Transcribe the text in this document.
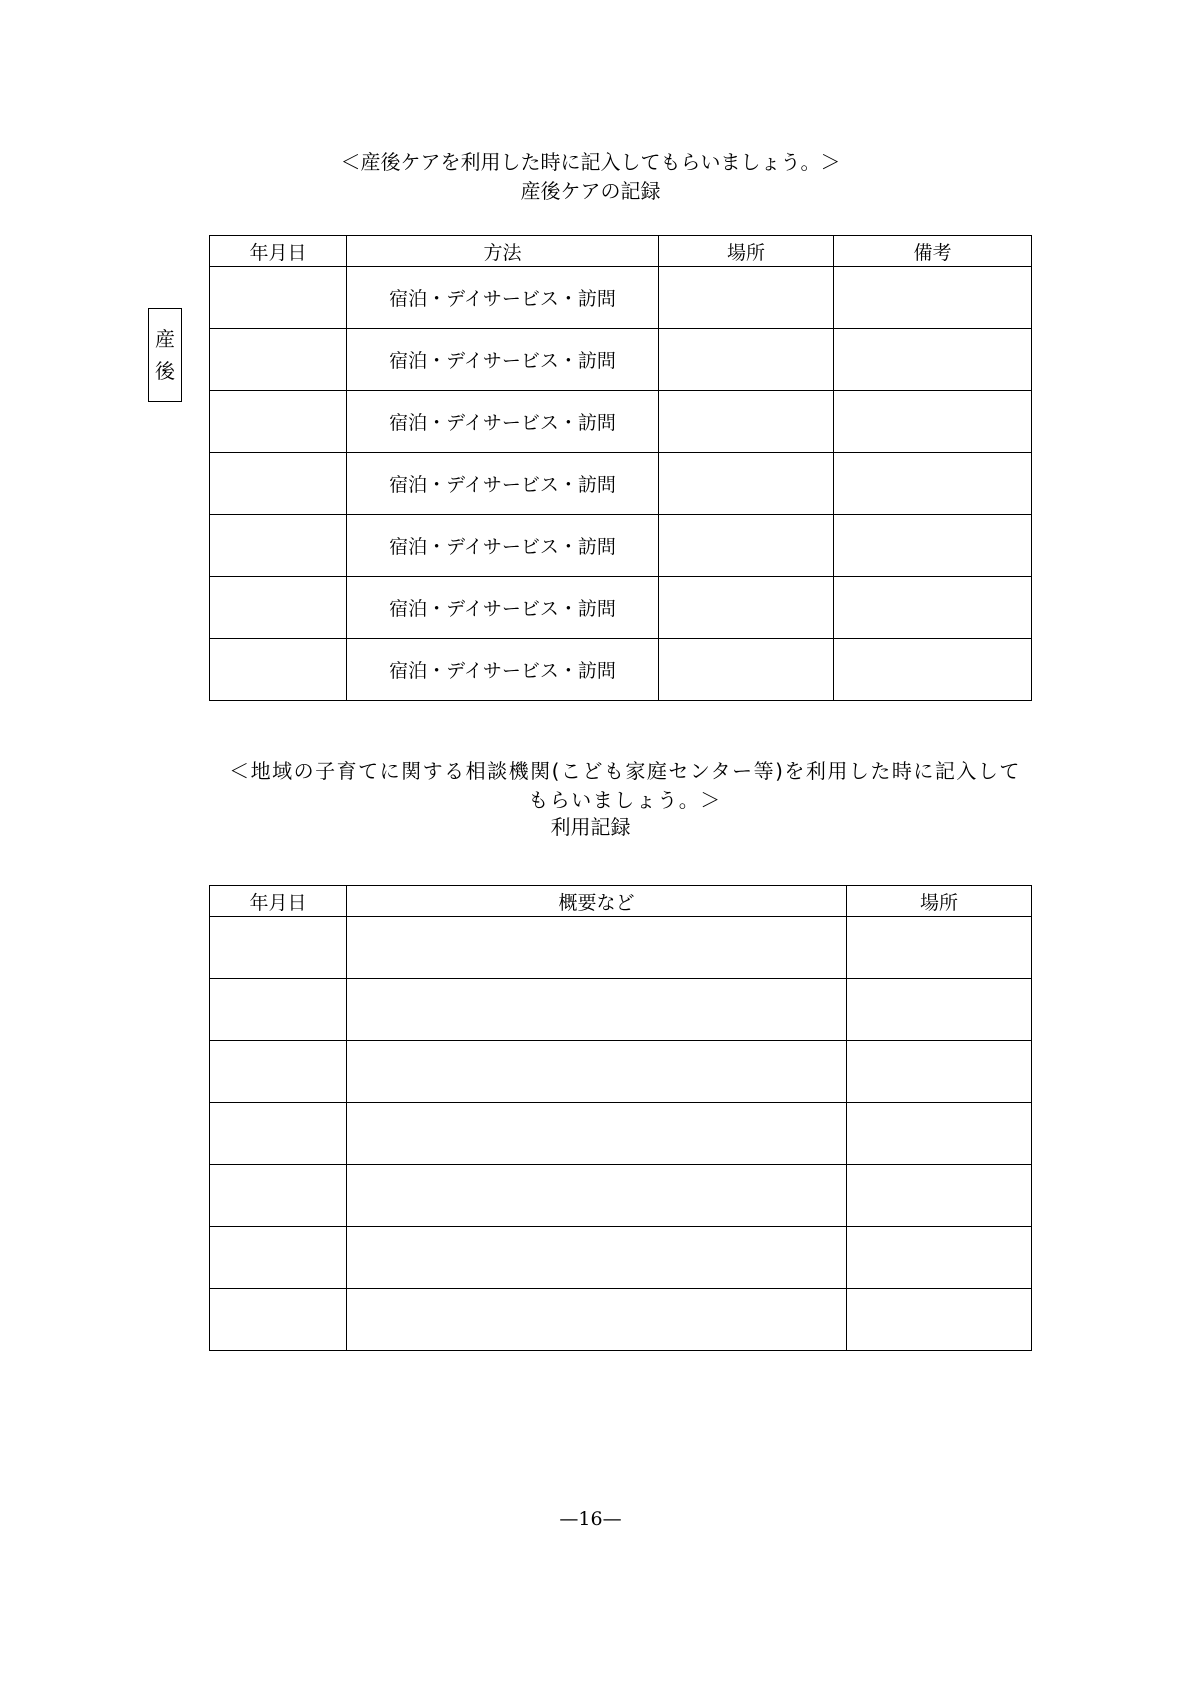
＜産後ケアを利用した時に記入してもらいましょう。＞
産後ケアの記録
産
後
年月日	方法	場所	備考
	宿泊・デイサービス・訪問		
	宿泊・デイサービス・訪問		
	宿泊・デイサービス・訪問		
	宿泊・デイサービス・訪問		
	宿泊・デイサービス・訪問		
	宿泊・デイサービス・訪問		
	宿泊・デイサービス・訪問		
＜地域の子育てに関する相談機関(こども家庭センター等)を利用した時に記入してもらいましょう。＞
利用記録
年月日	概要など	場所

—16—
